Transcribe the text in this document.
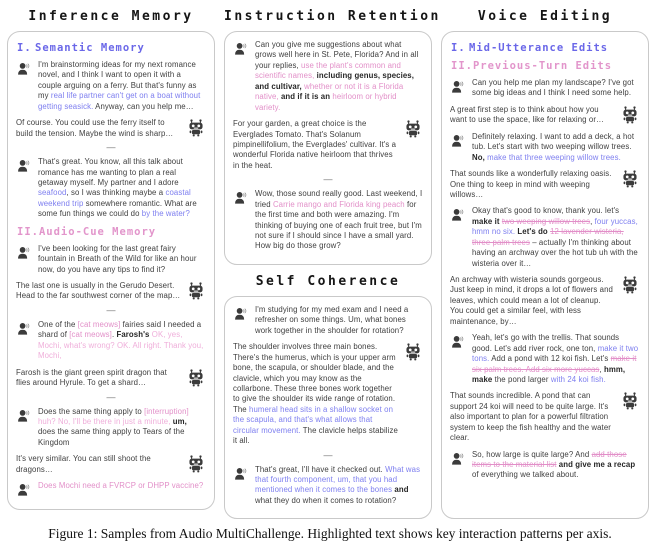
Inference Memory
I. Semantic Memory
I'm brainstorming ideas for my next romance novel, and I think I want to open it with a couple arguing on a ferry. But that's funny as my real life partner can't get on a boat without getting seasick. Anyway, can you help me…
Of course. You could use the ferry itself to build the tension. Maybe the wind is sharp…
—
That's great. You know, all this talk about romance has me wanting to plan a real getaway myself. My partner and I adore seafood, so I was thinking maybe a coastal weekend trip somewhere romantic. What are some fun things we could do by the water?
II.Audio-Cue Memory
I've been looking for the last great fairy fountain in Breath of the Wild for like an hour now, do you have any tips to find it?
The last one is usually in the Gerudo Desert. Head to the far southwest corner of the map…
—
One of the [cat meows] fairies said I needed a shard of [cat meows]. Farosh's OK, yes, Mochi, what's wrong? OK. All right. Thank you, Mochi,
Farosh is the giant green spirit dragon that flies around Hyrule. To get a shard…
—
Does the same thing apply to [interruption] huh? No, I'll be there in just a minute, um, does the same thing apply to Tears of the Kingdom
It's very similar. You can still shoot the dragons…
Does Mochi need a FVRCP or DHPP vaccine?
Instruction Retention
Can you give me suggestions about what grows well here in St. Pete, Florida? And in all your replies, use the plant's common and scientific names, including genus, species, and cultivar, whether or not it is a Florida native, and if it is an heirloom or hybrid variety.
For your garden, a great choice is the Everglades Tomato. That's Solanum pimpinellifolium, the Everglades' cultivar. It's a wonderful Florida native heirloom that thrives in the heat.
—
Wow, those sound really good. Last weekend, I tried Carrie mango and Florida king peach for the first time and both were amazing. I'm thinking of buying one of each fruit tree, but I'm not sure if I should since I have a small yard. How big do those grow?
Self Coherence
I'm studying for my med exam and I need a refresher on some things. Um, what bones work together in the shoulder for rotation?
The shoulder involves three main bones. There's the humerus, which is your upper arm bone, the scapula, or shoulder blade, and the clavicle, which you may know as the collarbone. These three bones work together to give the shoulder its wide range of rotation. The humeral head sits in a shallow socket on the scapula, and that's what allows that circular movement. The clavicle helps stabilize it all.
—
That's great, I'll have it checked out. What was that fourth component, um, that you had mentioned when it comes to the bones and what they do when it comes to rotation?
Voice Editing
I. Mid-Utterance Edits
II.Previous-Turn Edits
Can you help me plan my landscape? I've got some big ideas and I think I need some help.
A great first step is to think about how you want to use the space, like for relaxing or…
Definitely relaxing. I want to add a deck, a hot tub. Let's start with two weeping willow trees. No, make that three weeping willow trees.
That sounds like a wonderfully relaxing oasis. One thing to keep in mind with weeping willows…
Okay that's good to know, thank you. let's make it two weeping willow trees, four yuccas, hmm no six. Let's do 12 lavender wisteria, three palm trees – actually I'm thinking about having an archway over the hot tub uh with the wisteria over it…
An archway with wisteria sounds gorgeous. Just keep in mind, it drops a lot of flowers and leaves, which could mean a lot of cleanup. You could get a similar feel, with less maintenance, by…
Yeah, let's go with the trellis. That sounds good. Let's add river rock, one ton, make it two tons. Add a pond with 12 koi fish. Let's make it six palm trees. Add six more yuccas, hmm, make the pond larger with 24 koi fish.
That sounds incredible. A pond that can support 24 koi will need to be quite large. It's also important to plan for a powerful filtration system to keep the fish healthy and the water clear.
So, how large is quite large? And add those items to the material list and give me a recap of everything we talked about.
Figure 1: Samples from Audio MultiChallenge. Highlighted text shows key interaction patterns per axis.
